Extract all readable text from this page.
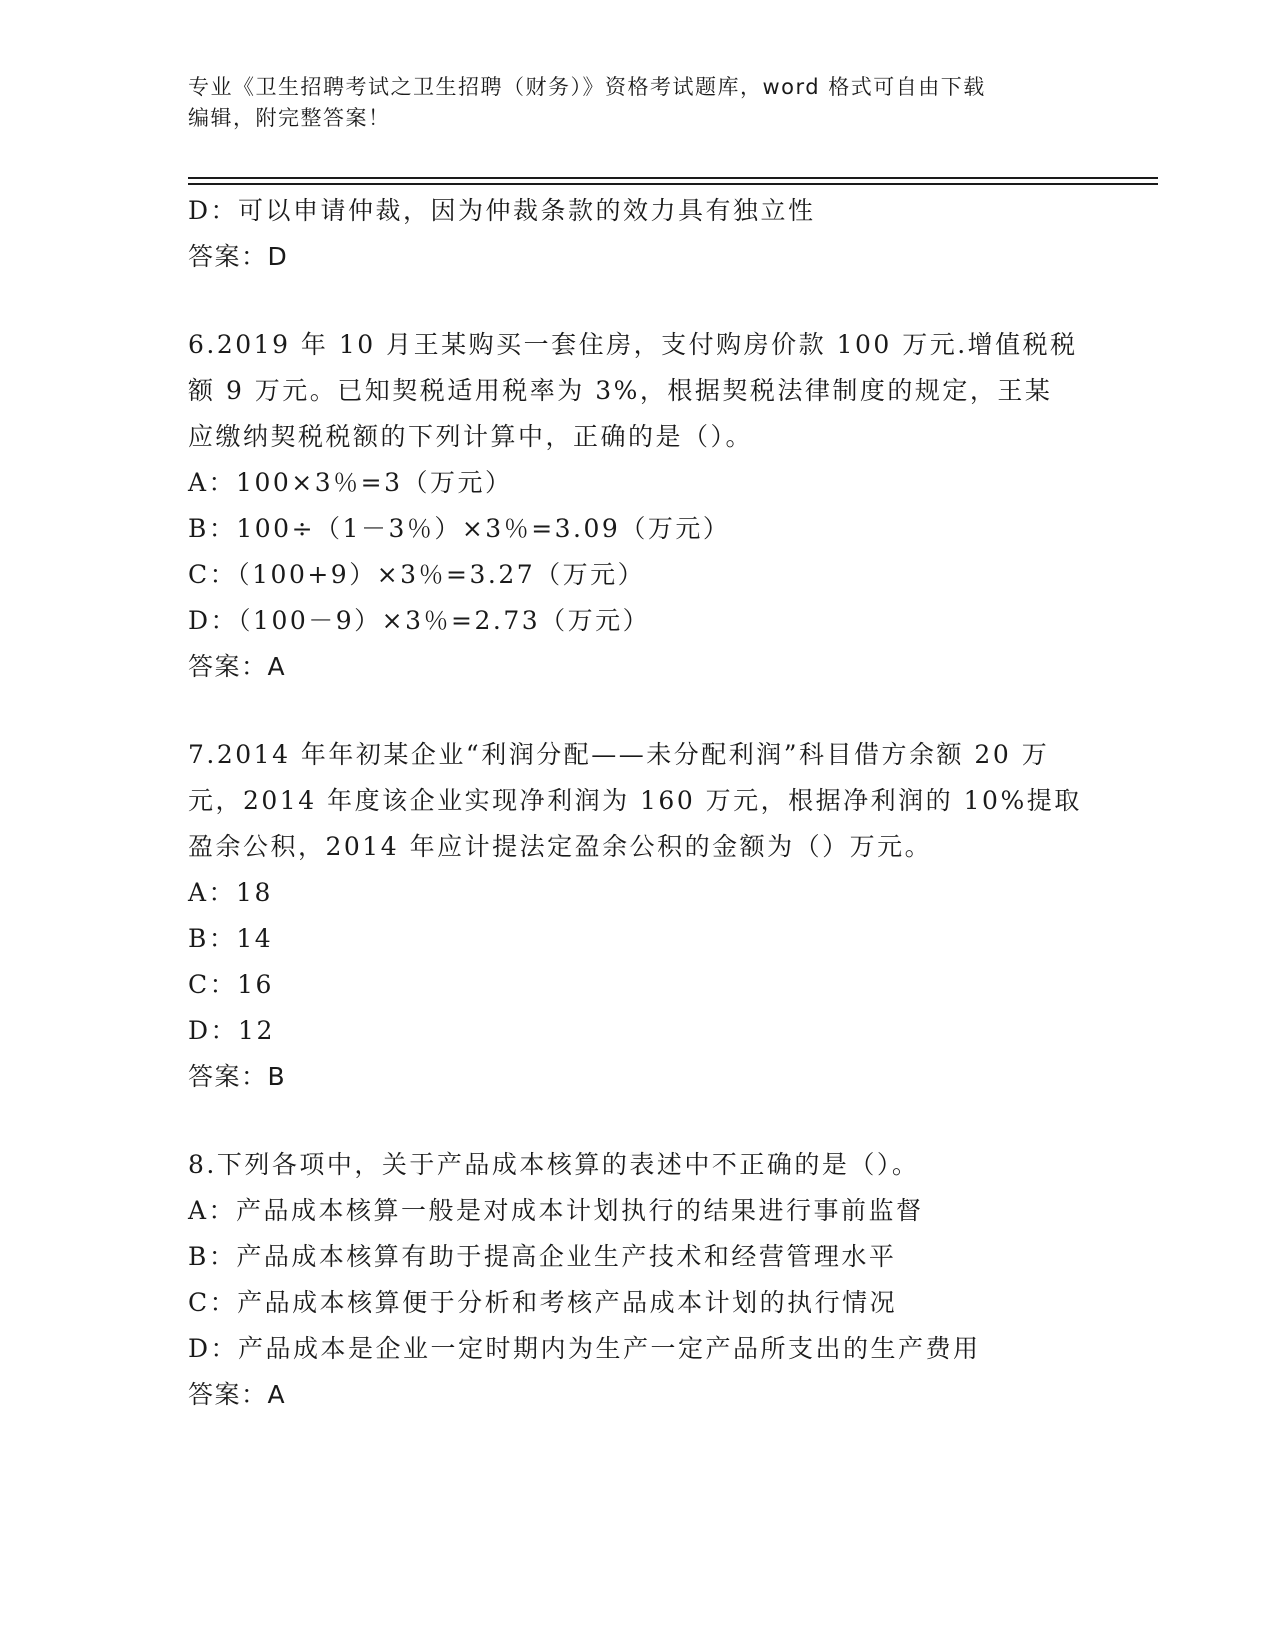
专业《卫生招聘考试之卫生招聘（财务）》资格考试题库，word 格式可自由下载

编辑，附完整答案！

D：可以申请仲裁，因为仲裁条款的效力具有独立性

答案：D

6.2019 年 10 月王某购买一套住房，支付购房价款 100 万元.增值税税

额 9 万元。已知契税适用税率为 3%，根据契税法律制度的规定，王某

应缴纳契税税额的下列计算中，正确的是（）。

A：100×3％=3（万元）

B：100÷（1－3％）×3％=3.09（万元）

C：（100+9）×3％=3.27（万元）

D：（100－9）×3％=2.73（万元）

答案：A

7.2014 年年初某企业“利润分配——未分配利润”科目借方余额 20 万

元，2014 年度该企业实现净利润为 160 万元，根据净利润的 10%提取

盈余公积，2014 年应计提法定盈余公积的金额为（）万元。

A：18

B：14

C：16

D：12

答案：B

8.下列各项中，关于产品成本核算的表述中不正确的是（）。

A：产品成本核算一般是对成本计划执行的结果进行事前监督

B：产品成本核算有助于提高企业生产技术和经营管理水平

C：产品成本核算便于分析和考核产品成本计划的执行情况

D：产品成本是企业一定时期内为生产一定产品所支出的生产费用

答案：A
